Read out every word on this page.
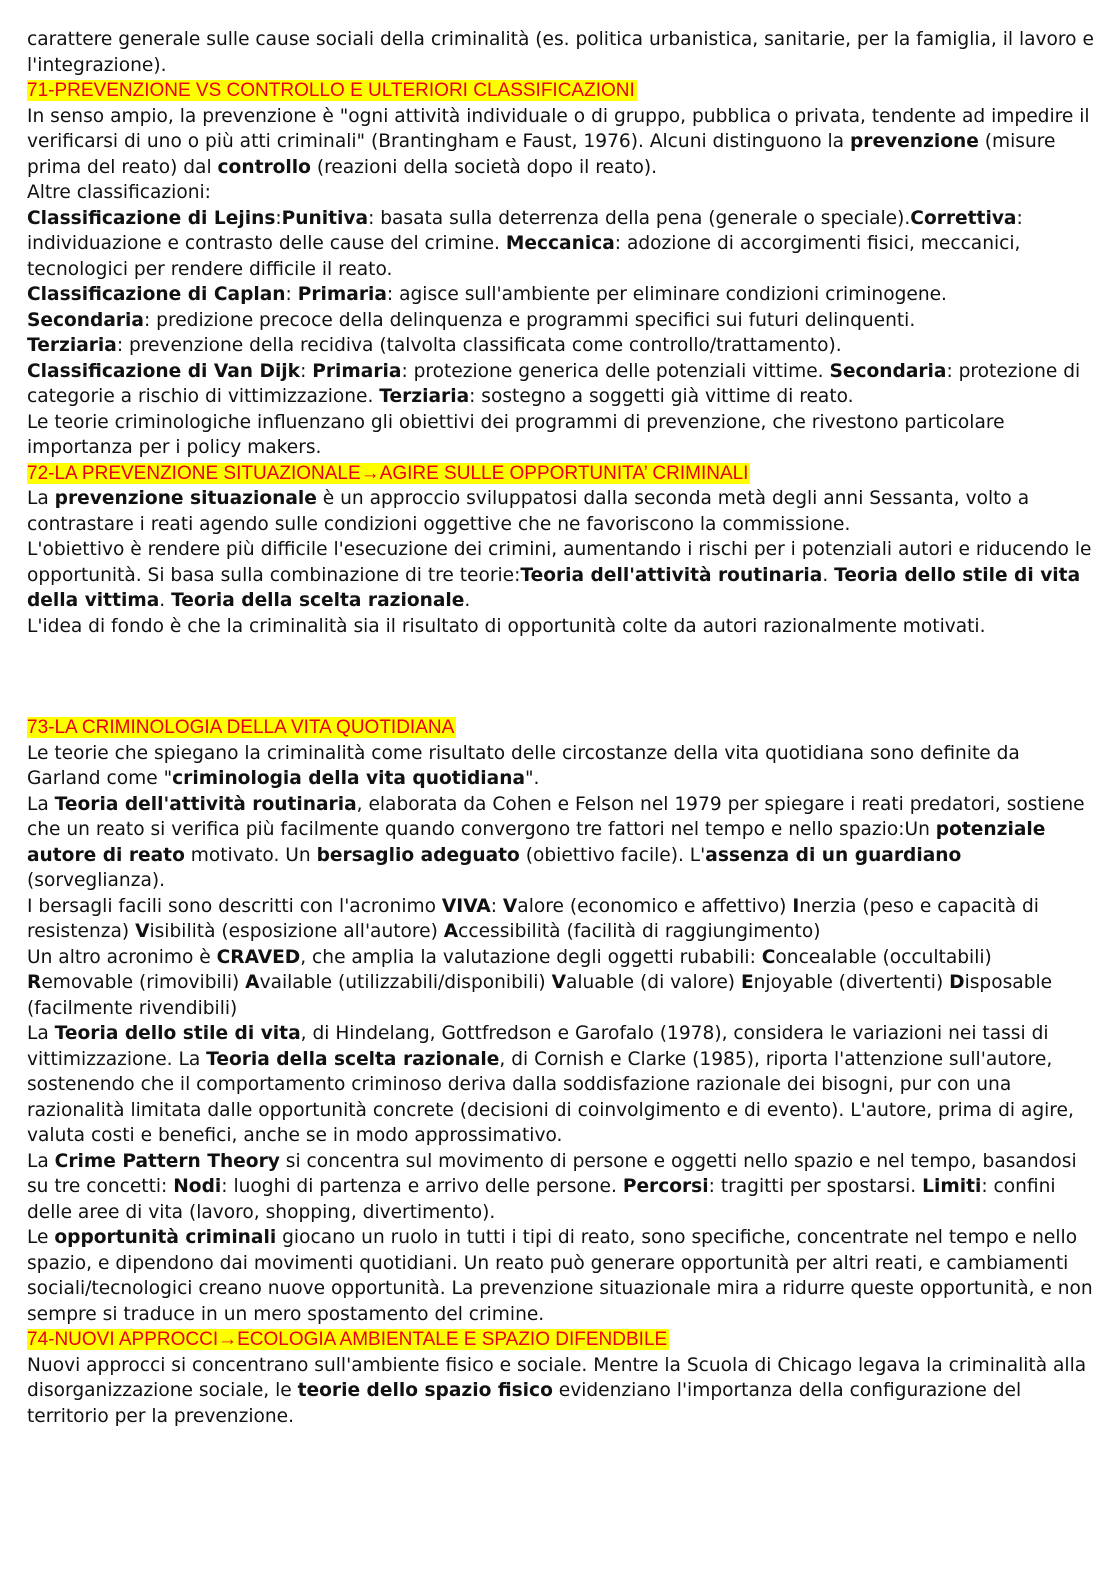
carattere generale sulle cause sociali della criminalità (es. politica urbanistica, sanitarie, per la famiglia, il lavoro e l'integrazione).

71-PREVENZIONE VS CONTROLLO E ULTERIORI CLASSIFICAZIONI

In senso ampio, la prevenzione è "ogni attività individuale o di gruppo, pubblica o privata, tendente ad impedire il verificarsi di uno o più atti criminali" (Brantingham e Faust, 1976). Alcuni distinguono la prevenzione (misure prima del reato) dal controllo (reazioni della società dopo il reato).

Altre classificazioni:

Classificazione di Lejins:Punitiva: basata sulla deterrenza della pena (generale o speciale).Correttiva: individuazione e contrasto delle cause del crimine. Meccanica: adozione di accorgimenti fisici, meccanici, tecnologici per rendere difficile il reato.

Classificazione di Caplan: Primaria: agisce sull'ambiente per eliminare condizioni criminogene.
Secondaria: predizione precoce della delinquenza e programmi specifici sui futuri delinquenti.
Terziaria: prevenzione della recidiva (talvolta classificata come controllo/trattamento).

Classificazione di Van Dijk: Primaria: protezione generica delle potenziali vittime. Secondaria: protezione di categorie a rischio di vittimizzazione. Terziaria: sostegno a soggetti già vittime di reato.

Le teorie criminologiche influenzano gli obiettivi dei programmi di prevenzione, che rivestono particolare importanza per i policy makers.

72-LA PREVENZIONE SITUAZIONALE→AGIRE SULLE OPPORTUNITA’ CRIMINALI

La prevenzione situazionale è un approccio sviluppatosi dalla seconda metà degli anni Sessanta, volto a contrastare i reati agendo sulle condizioni oggettive che ne favoriscono la commissione.

L'obiettivo è rendere più difficile l'esecuzione dei crimini, aumentando i rischi per i potenziali autori e riducendo le opportunità. Si basa sulla combinazione di tre teorie:Teoria dell'attività routinaria. Teoria dello stile di vita della vittima. Teoria della scelta razionale.

L'idea di fondo è che la criminalità sia il risultato di opportunità colte da autori razionalmente motivati.

73-LA CRIMINOLOGIA DELLA VITA QUOTIDIANA

Le teorie che spiegano la criminalità come risultato delle circostanze della vita quotidiana sono definite da Garland come "criminologia della vita quotidiana".

La Teoria dell'attività routinaria, elaborata da Cohen e Felson nel 1979 per spiegare i reati predatori, sostiene che un reato si verifica più facilmente quando convergono tre fattori nel tempo e nello spazio:Un potenziale autore di reato motivato. Un bersaglio adeguato (obiettivo facile). L'assenza di un guardiano (sorveglianza).

I bersagli facili sono descritti con l'acronimo VIVA: Valore (economico e affettivo) Inerzia (peso e capacità di resistenza) Visibilità (esposizione all'autore) Accessibilità (facilità di raggiungimento)

Un altro acronimo è CRAVED, che amplia la valutazione degli oggetti rubabili: Concealable (occultabili) Removable (rimovibili) Available (utilizzabili/disponibili) Valuable (di valore) Enjoyable (divertenti) Disposable (facilmente rivendibili)

La Teoria dello stile di vita, di Hindelang, Gottfredson e Garofalo (1978), considera le variazioni nei tassi di vittimizzazione. La Teoria della scelta razionale, di Cornish e Clarke (1985), riporta l'attenzione sull'autore, sostenendo che il comportamento criminoso deriva dalla soddisfazione razionale dei bisogni, pur con una razionalità limitata dalle opportunità concrete (decisioni di coinvolgimento e di evento). L'autore, prima di agire, valuta costi e benefici, anche se in modo approssimativo.

La Crime Pattern Theory si concentra sul movimento di persone e oggetti nello spazio e nel tempo, basandosi su tre concetti: Nodi: luoghi di partenza e arrivo delle persone. Percorsi: tragitti per spostarsi. Limiti: confini delle aree di vita (lavoro, shopping, divertimento).

Le opportunità criminali giocano un ruolo in tutti i tipi di reato, sono specifiche, concentrate nel tempo e nello spazio, e dipendono dai movimenti quotidiani. Un reato può generare opportunità per altri reati, e cambiamenti sociali/tecnologici creano nuove opportunità. La prevenzione situazionale mira a ridurre queste opportunità, e non sempre si traduce in un mero spostamento del crimine.

74-NUOVI APPROCCI→ECOLOGIA AMBIENTALE E SPAZIO DIFENDBILE

Nuovi approcci si concentrano sull'ambiente fisico e sociale. Mentre la Scuola di Chicago legava la criminalità alla disorganizzazione sociale, le teorie dello spazio fisico evidenziano l'importanza della configurazione del territorio per la prevenzione.
